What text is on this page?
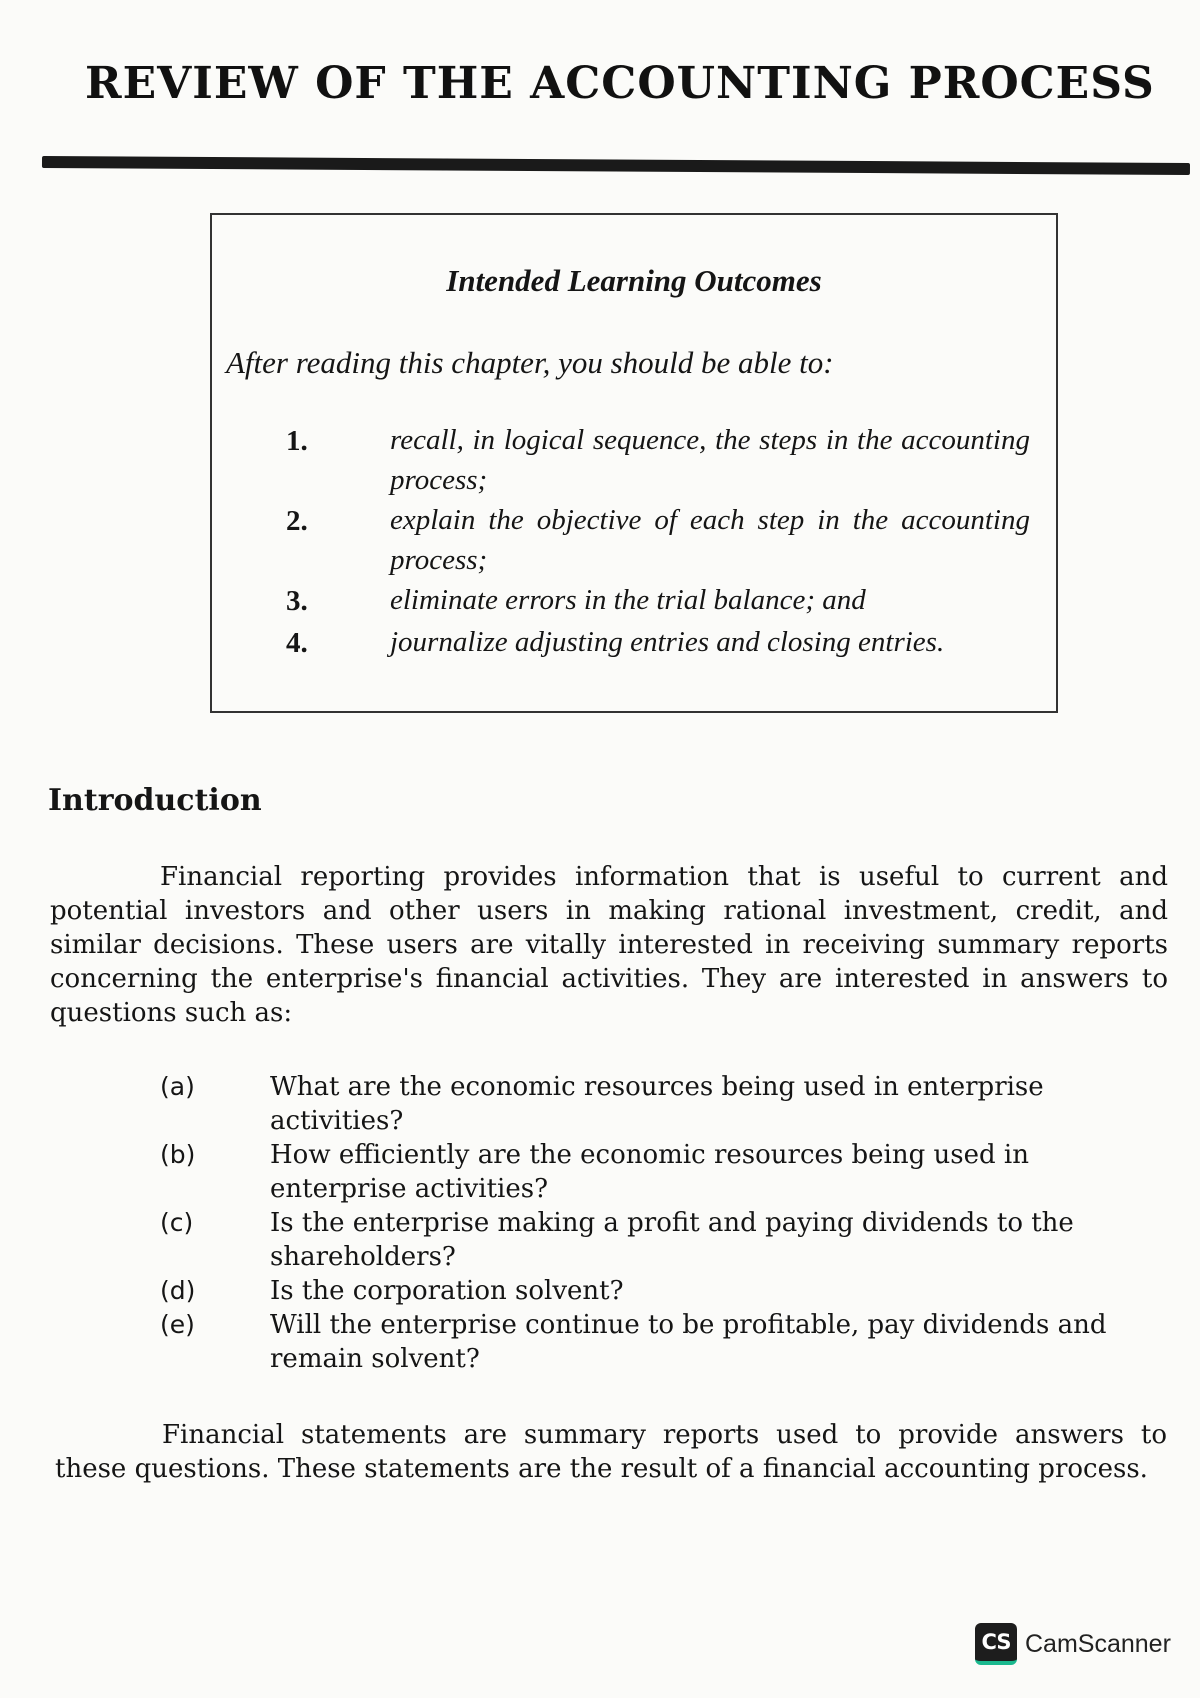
REVIEW OF THE ACCOUNTING PROCESS
Intended Learning Outcomes
After reading this chapter, you should be able to:
1.	recall, in logical sequence, the steps in the accounting process;
2.	explain the objective of each step in the accounting process;
3.	eliminate errors in the trial balance; and
4.	journalize adjusting entries and closing entries.
Introduction

Financial reporting provides information that is useful to current and potential investors and other users in making rational investment, credit, and similar decisions. These users are vitally interested in receiving summary reports concerning the enterprise's financial activities. They are interested in answers to questions such as:

(a)	What are the economic resources being used in enterprise activities?
(b)	How efficiently are the economic resources being used in enterprise activities?
(c)	Is the enterprise making a profit and paying dividends to the shareholders?
(d)	Is the corporation solvent?
(e)	Will the enterprise continue to be profitable, pay dividends and remain solvent?

Financial statements are summary reports used to provide answers to these questions. These statements are the result of a financial accounting process.

CS CamScanner
